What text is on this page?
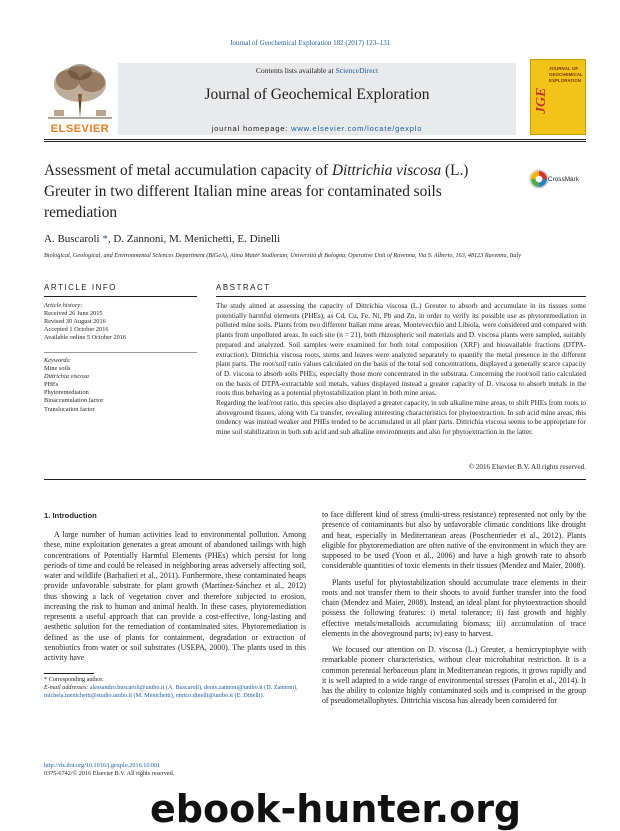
Journal of Geochemical Exploration 182 (2017) 123–131
Contents lists available at ScienceDirect
Journal of Geochemical Exploration
journal homepage: www.elsevier.com/locate/gexplo
ELSEVIER
JGE
JOURNAL OF GEOCHEMICAL EXPLORATION
Assessment of metal accumulation capacity of Dittrichia viscosa (L.) Greuter in two different Italian mine areas for contaminated soils remediation
CrossMark
A. Buscaroli *, D. Zannoni, M. Menichetti, E. Dinelli
Biological, Geological, and Environmental Sciences Department (BiGeA), Alma Mater Studiorum, Università di Bologna, Operative Unit of Ravenna, Via S. Alberto, 163, 48123 Ravenna, Italy
ARTICLE INFO	ABSTRACT
Article history:
Received 26 June 2015
Revised 30 August 2016
Accepted 1 October 2016
Available online 5 October 2016
Keywords:
Mine soils
Dittrichia viscosa
PHEs
Phytoremediation
Bioaccumulation factor
Translocation factor

The study aimed at assessing the capacity of Dittrichia viscosa (L.) Greuter to absorb and accumulate in its tissues some potentially harmful elements (PHEs), as Cd, Cu, Fe, Ni, Pb and Zn, in order to verify its possible use as phytoremediation in polluted mine soils. Plants from two different Italian mine areas, Montevecchio and Libiola, were considered and compared with plants from unpolluted areas. In each site (n = 21), both rhizospheric soil materials and D. viscosa plants were sampled, suitably prepared and analyzed. Soil samples were examined for both total composition (XRF) and bioavailable fractions (DTPA-extraction). Dittrichia viscosa roots, stems and leaves were analyzed separately to quantify the metal presence in the different plant parts. The root/soil ratio values calculated on the basis of the total soil concentrations, displayed a generally scarce capacity of D. viscosa to absorb soils PHEs, especially those more concentrated in the substrata. Concerning the root/soil ratio calculated on the basis of DTPA-extractable soil metals, values displayed instead a greater capacity of D. viscosa to absorb metals in the roots thus behaving as a potential phytostabilization plant in both mine areas.

Regarding the leaf/root ratio, this species also displayed a greater capacity, in sub alkaline mine areas, to shift PHEs from roots to aboveground tissues, along with Ca transfer, revealing interesting characteristics for phytoextraction. In sub acid mine areas, this tendency was instead weaker and PHEs tended to be accumulated in all plant parts. Dittrichia viscosa seems to be appropriate for mine soil stabilization in both sub acid and sub alkaline environments and also for phytoextraction in the latter.

© 2016 Elsevier B.V. All rights reserved.
1. Introduction

A large number of human activities lead to environmental pollution. Among these, mine exploitation generates a great amount of abandoned tailings with high concentrations of Potentially Harmful Elements (PHEs) which persist for long periods of time and could be released in neighboring areas adversely affecting soil, water and wildlife (Barbafieri et al., 2011). Furthermore, these contaminated heaps provide unfavorable substrate for plant growth (Martínez-Sánchez et al., 2012) thus showing a lack of vegetation cover and therefore subjected to erosion, increasing the risk to human and animal health. In these cases, phytoremediation represents a useful approach that can provide a cost-effective, long-lasting and aesthetic solution for the remediation of contaminated sites. Phytoremediation is defined as the use of plants for containment, degradation or extraction of xenobiotics from water or soil substrates (USEPA, 2000). The plants used in this activity have

to face different kind of stress (multi-stress resistance) represented not only by the presence of contaminants but also by unfavorable climatic conditions like drought and heat, especially in Mediterranean areas (Poschenrieder et al., 2012). Plants eligible for phytoremediation are often native of the environment in which they are supposed to be used (Yoon et al., 2006) and have a high growth rate to absorb considerable quantities of toxic elements in their tissues (Mendez and Maier, 2008).

Plants useful for phytostabilization should accumulate trace elements in their roots and not transfer them to their shoots to avoid further transfer into the food chain (Mendez and Maier, 2008). Instead, an ideal plant for phytoextraction should possess the following features: i) metal tolerance; ii) fast growth and highly effective metals/metalloids accumulating biomass; iii) accumulation of trace elements in the aboveground parts; iv) easy to harvest.

We focused our attention on D. viscosa (L.) Greuter, a hemicryptophyte with remarkable pioneer characteristics, without clear microhabitat restriction. It is a common perennial herbaceous plant in Mediterranean regions, it grows rapidly and it is well adapted to a wide range of environmental stresses (Parolin et al., 2014). It has the ability to colonize highly contaminated soils and is comprised in the group of pseudometallophytes. Dittrichia viscosa has already been considered for

* Corresponding author.
E-mail addresses: alessandro.buscaroli@unibo.it (A. Buscaroli), denis.zannoni@unibo.it (D. Zannoni), michela.menichetti@studio.unibo.it (M. Menichetti), enrico.dinelli@unibo.it (E. Dinelli).
http://dx.doi.org/10.1016/j.gexplo.2016.10.001
0375-6742/© 2016 Elsevier B.V. All rights reserved.
ebook-hunter.org
